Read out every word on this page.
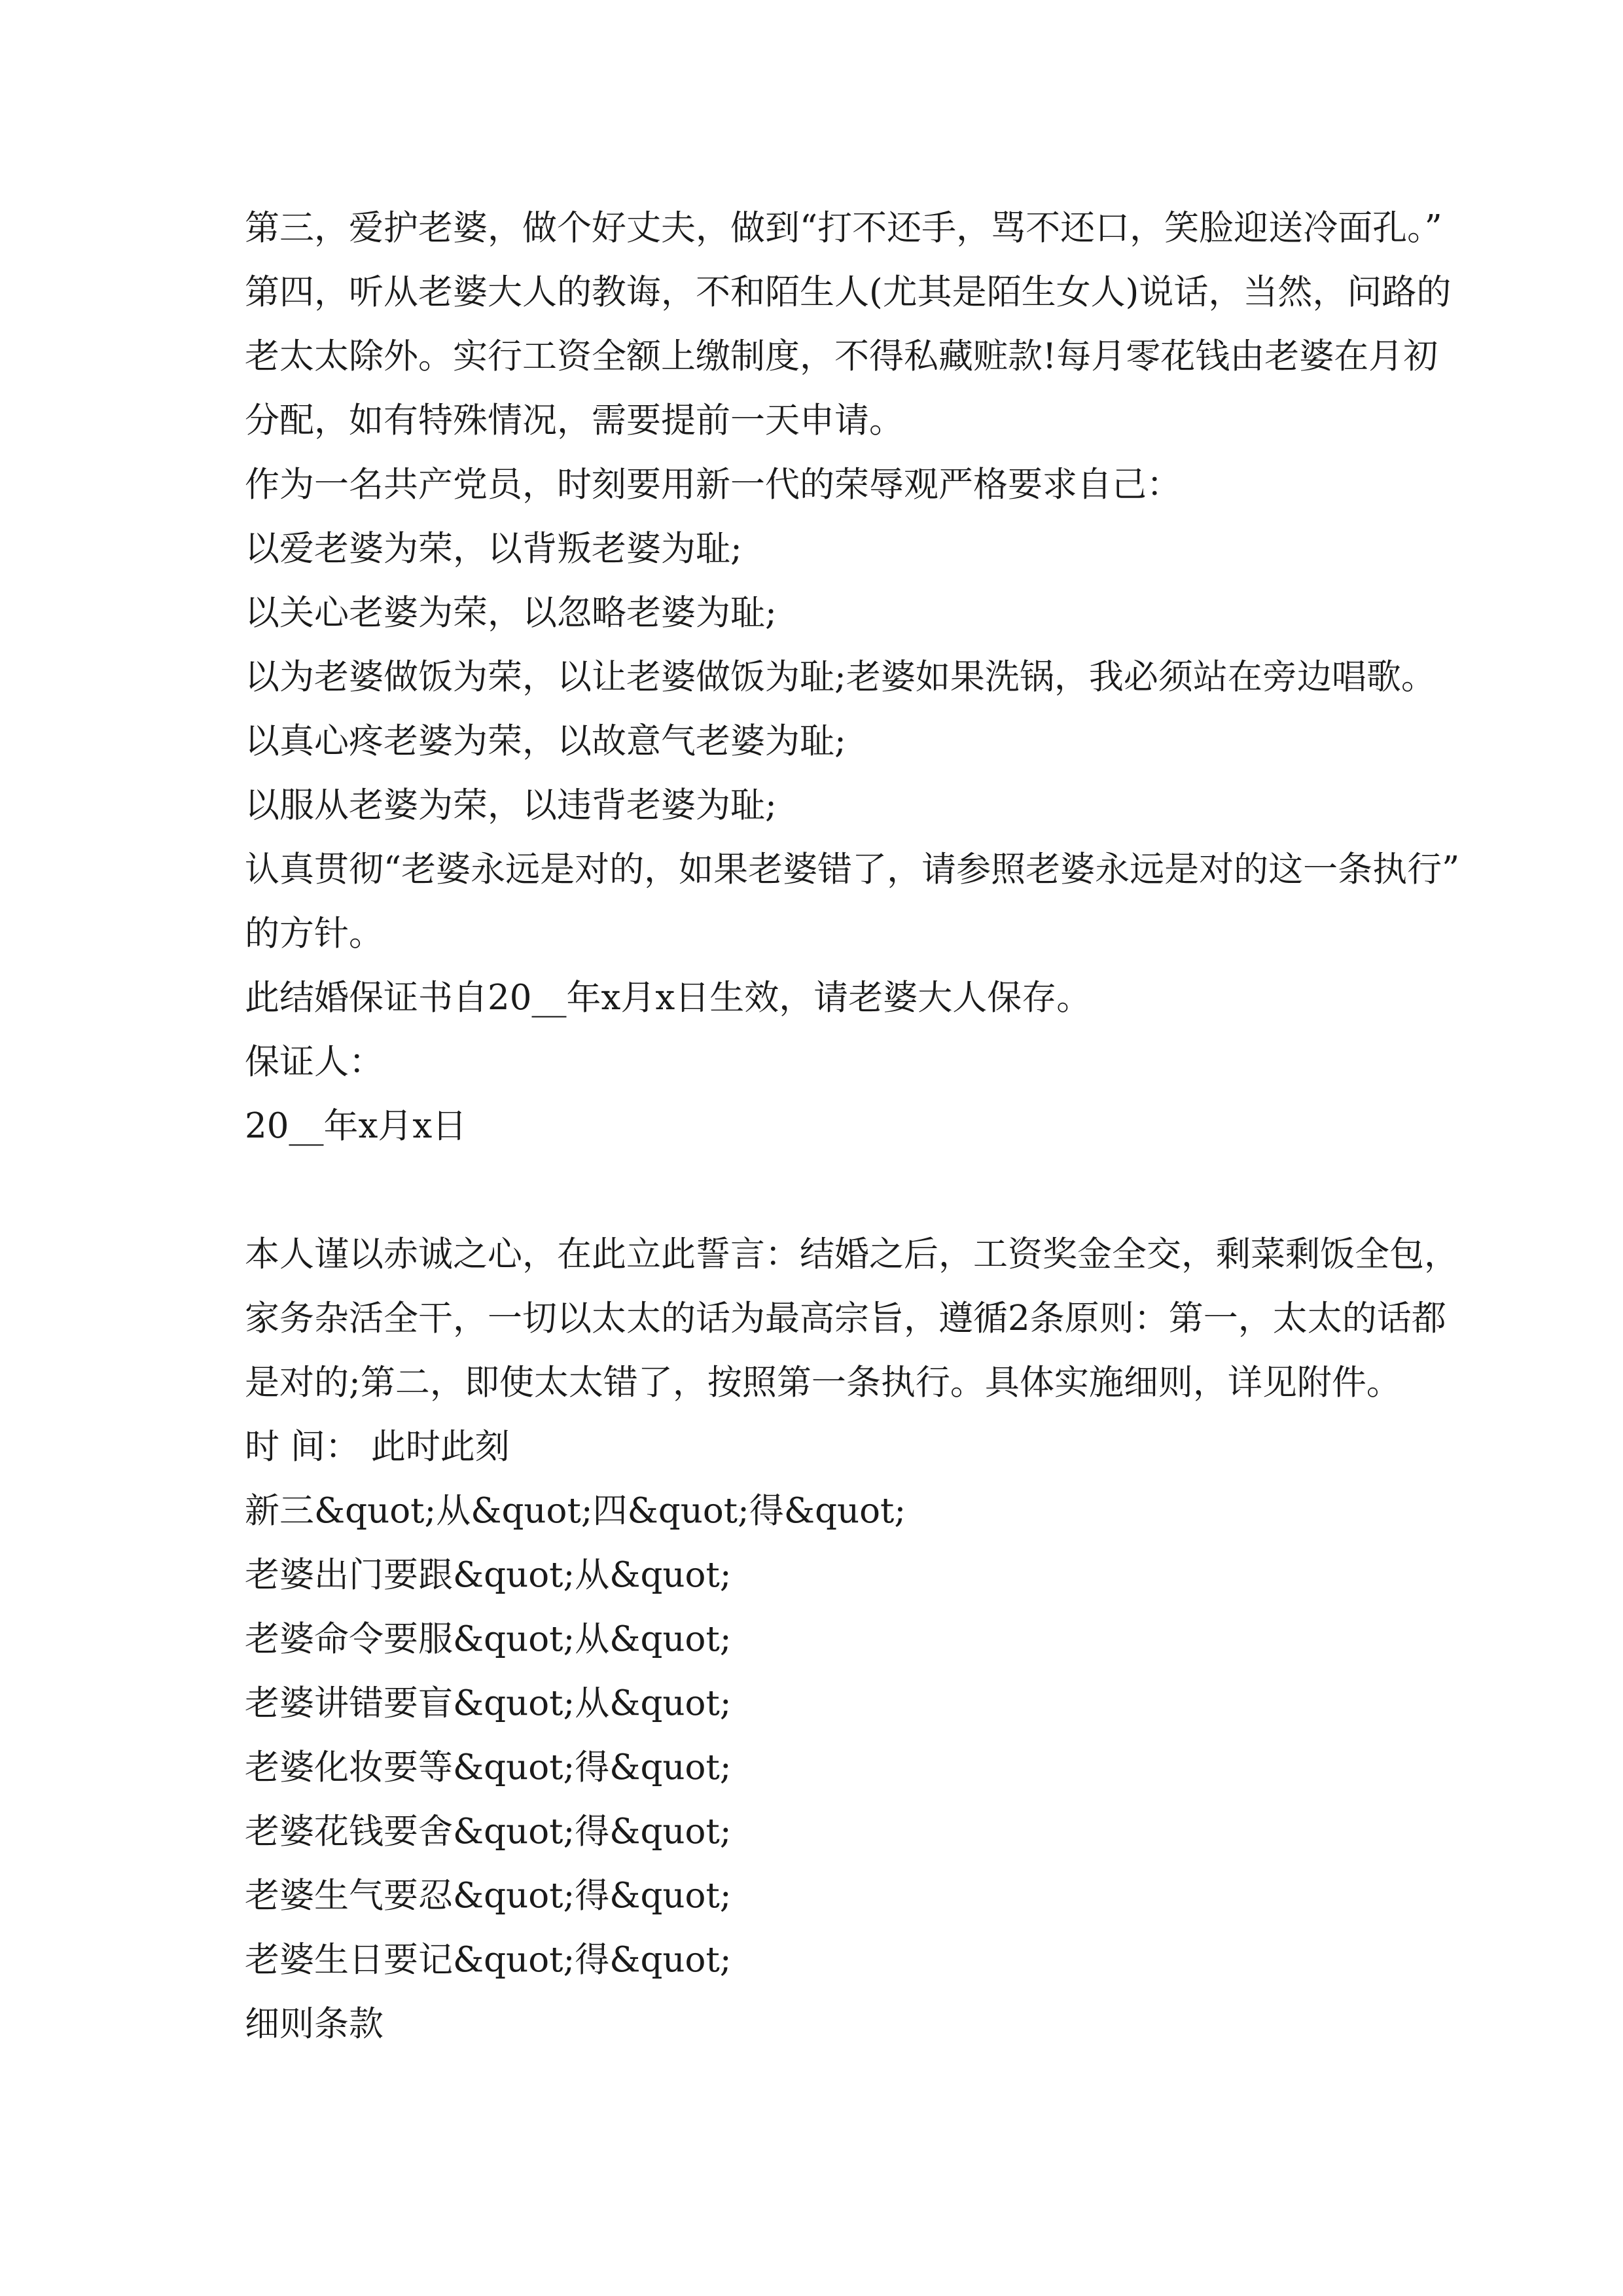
第三，爱护老婆，做个好丈夫，做到“打不还手，骂不还口，笑脸迎送冷面孔。”
第四，听从老婆大人的教诲，不和陌生人(尤其是陌生女人)说话，当然，问路的
老太太除外。实行工资全额上缴制度，不得私藏赃款!每月零花钱由老婆在月初
分配，如有特殊情况，需要提前一天申请。
作为一名共产党员，时刻要用新一代的荣辱观严格要求自己：
以爱老婆为荣，以背叛老婆为耻;
以关心老婆为荣，以忽略老婆为耻;
以为老婆做饭为荣，以让老婆做饭为耻;老婆如果洗锅，我必须站在旁边唱歌。
以真心疼老婆为荣，以故意气老婆为耻;
以服从老婆为荣，以违背老婆为耻;
认真贯彻“老婆永远是对的，如果老婆错了，请参照老婆永远是对的这一条执行”
的方针。
此结婚保证书自20__年x月x日生效，请老婆大人保存。
保证人：
20__年x月x日
本人谨以赤诚之心，在此立此誓言：结婚之后，工资奖金全交，剩菜剩饭全包，
家务杂活全干，一切以太太的话为最高宗旨，遵循2条原则：第一，太太的话都
是对的;第二，即使太太错了，按照第一条执行。具体实施细则，详见附件。
时 间： 此时此刻
新三&quot;从&quot;四&quot;得&quot;
老婆出门要跟&quot;从&quot;
老婆命令要服&quot;从&quot;
老婆讲错要盲&quot;从&quot;
老婆化妆要等&quot;得&quot;
老婆花钱要舍&quot;得&quot;
老婆生气要忍&quot;得&quot;
老婆生日要记&quot;得&quot;
细则条款
